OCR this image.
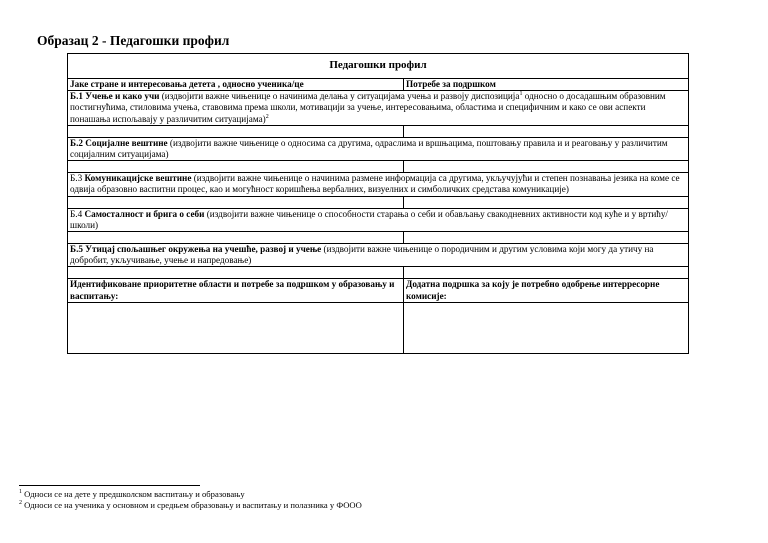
Образац 2 - Педагошки профил
Педагошки профил	
Јаке стране и интересовања детета , односно ученика/це	Потребе за подршком
Б.1 Учење и како учи (издвојити важне чињенице о начинима делања у ситуацијама учења и развоју диспозиција$^1$ односно о досадашњим образовним постигнућима, стиловима учења, ставовима према школи, мотивацији за учење, интересовањима, областима и специфичним и како се ови аспекти понашања испољавају у различитим ситуацијама)$^2$

Б.2 Социјалне вештине (издвојити важне чињенице о односима са другима, одраслима и вршњацима, поштовању правила и и реаговању у различитим социјалним ситуацијама)	

Б.3 Комуникацијске вештине (издвојити важне чињенице о начинима размене информација са другима, укључујући и степен познавања језика на коме се одвија образовно васпитни процес, као и могућност коришћења вербалних, визуелних и симболичких средстава комуникације)	

Б.4 Самосталност и брига о себи (издвојити важне чињенице о способности старања о себи и обављању свакодневних активности код куће и у вртићу/ школи)	

Б.5 Утицај спољашњег окружења на учешће, развој и учење (издвојити важне чињенице о породичним и другим условима који могу да утичу на добробит, укључивање, учење и напредовање)	

Идентификоване приоритетне области и потребе за подршком у образовању и васпитању:	Додатна подршка за коју је потребно одобрење интерресорне комисије:

$^1$ Односи се на дете у предшколском васпитању и образовању
$^2$ Односи се на ученика у основном и средњем образовању и васпитању и полазника у ФООО
